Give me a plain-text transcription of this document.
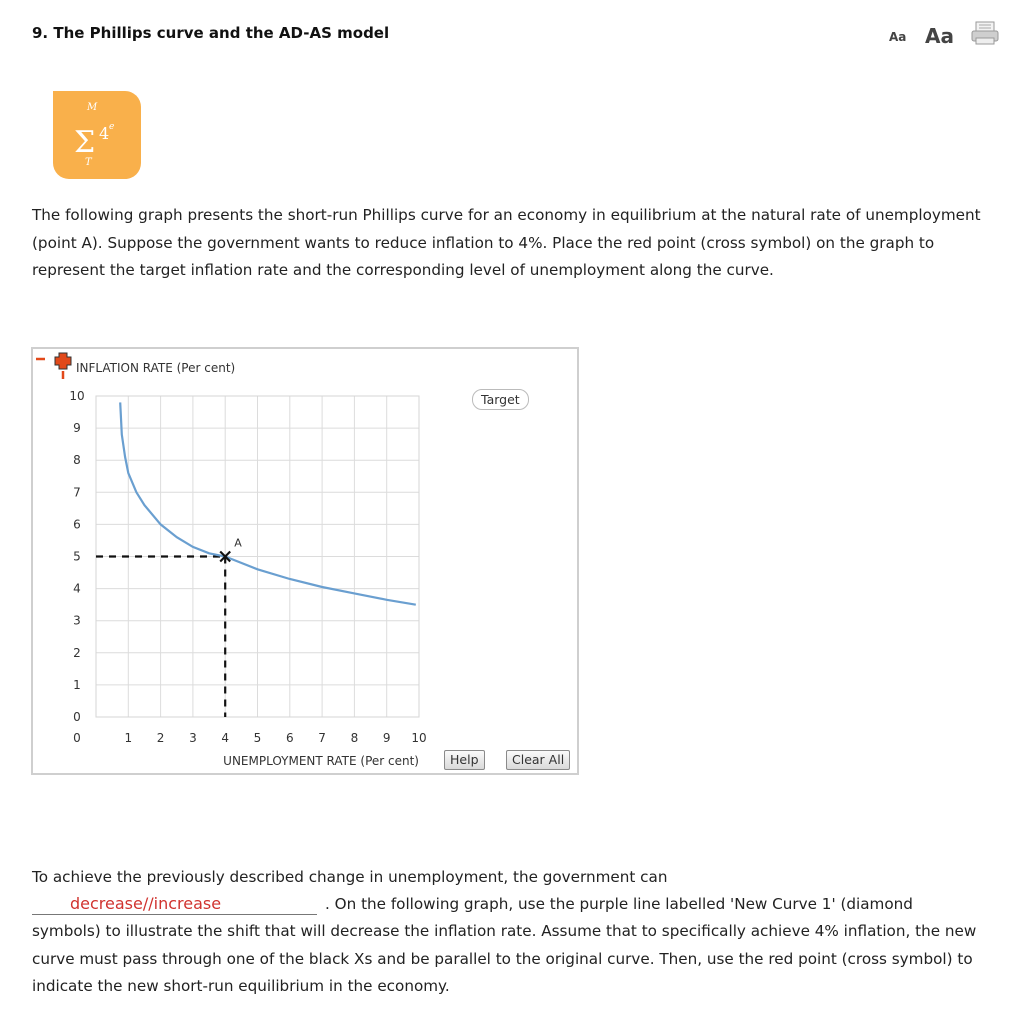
9. The Phillips curve and the AD-AS model	Aa Aa
M
Σ 4 e
T
The following graph presents the short-run Phillips curve for an economy in equilibrium at the natural rate of unemployment (point A). Suppose the government wants to reduce inflation to 4%. Place the red point (cross symbol) on the graph to represent the target inflation rate and the corresponding level of unemployment along the curve.
0
1
2
3
4
5
6
7
8
9
10
0	1 2 3 4 5 6 7 8 9 10
INFLATION RATE (Per cent)
UNEMPLOYMENT RATE (Per cent)
A
Target
Help	Clear All
To achieve the previously described change in unemployment, the government can
decrease//increase	. On the following graph, use the purple line labelled 'New Curve 1' (diamond symbols) to illustrate the shift that will decrease the inflation rate. Assume that to specifically achieve 4% inflation, the new curve must pass through one of the black Xs and be parallel to the original curve. Then, use the red point (cross symbol) to indicate the new short-run equilibrium in the economy.
